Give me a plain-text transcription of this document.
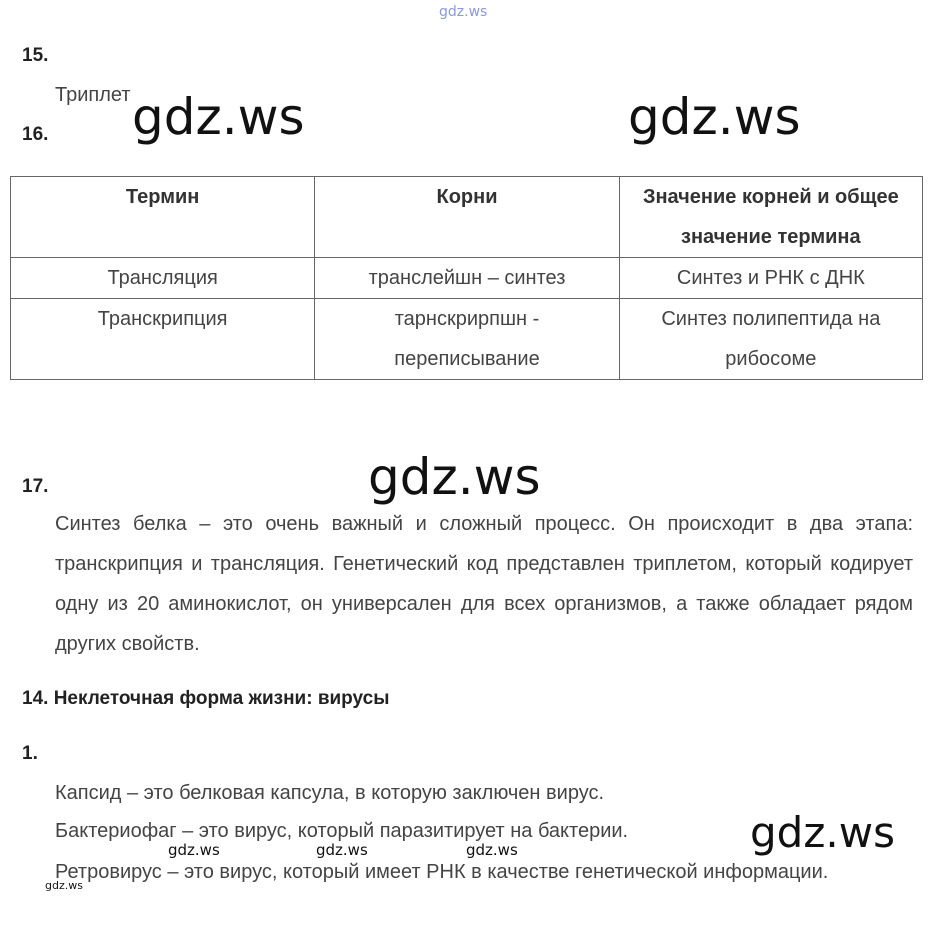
gdz.ws
15.
Триплет
16. gdz.ws	gdz.ws
Термин	Корни	Значение корней и общее значение термина
Трансляция	транслейшн – синтез	Синтез и РНК с ДНК
Транскрипция	тарнскрирпшн - переписывание	Синтез полипептида на рибосоме
gdz.ws
17.
Синтез белка – это очень важный и сложный процесс. Он происходит в два этапа: транскрипция и трансляция. Генетический код представлен триплетом, который кодирует одну из 20 аминокислот, он универсален для всех организмов, а также обладает рядом других свойств.
14. Неклеточная форма жизни: вирусы
1.
Капсид – это белковая капсула, в которую заключен вирус.
Бактериофаг – это вирус, который паразитирует на бактерии.
Ретровирус – это вирус, который имеет РНК в качестве генетической информации.
gdz.ws
gdz.ws	gdz.ws	gdz.ws
gdz.ws
